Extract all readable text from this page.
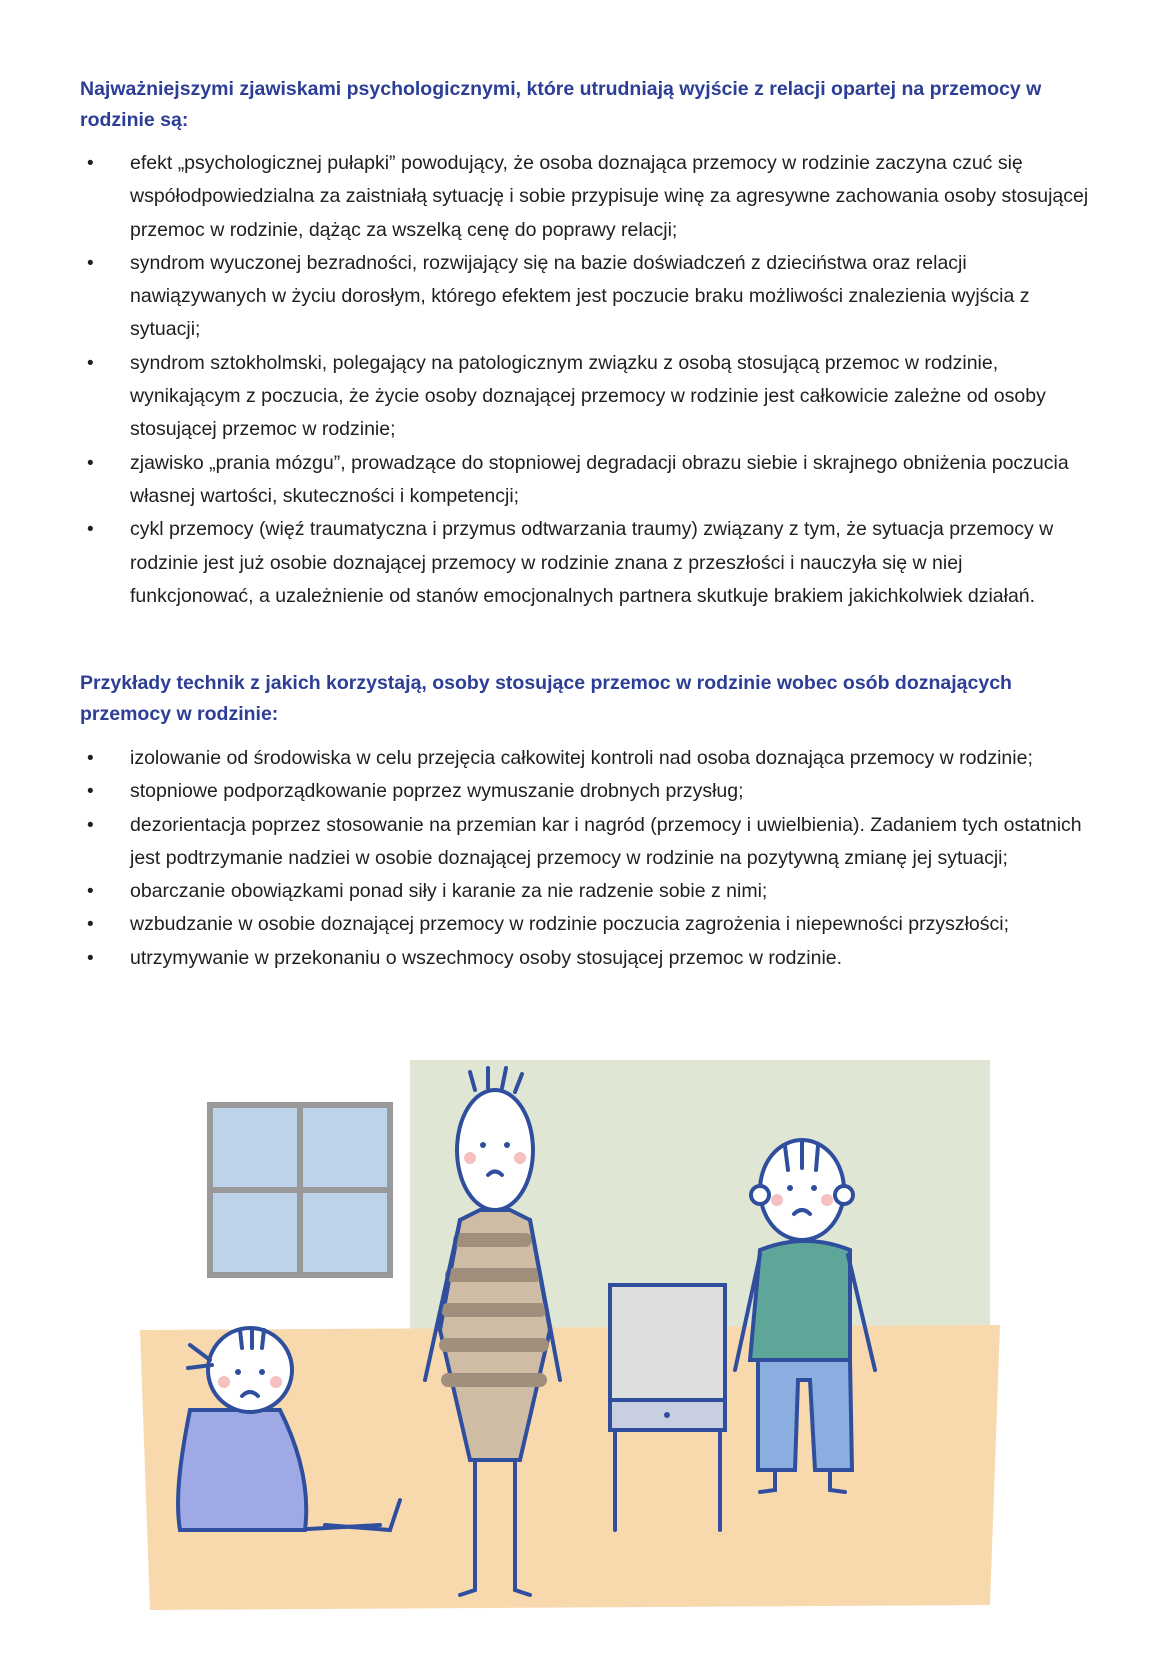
Najważniejszymi zjawiskami psychologicznymi, które utrudniają wyjście z relacji opartej na przemocy w rodzinie są:
• efekt „psychologicznej pułapki” powodujący, że osoba doznająca przemocy w rodzinie zaczyna czuć się współodpowiedzialna za zaistniałą sytuację i sobie przypisuje winę za agresywne zachowania osoby stosującej przemoc w rodzinie, dążąc za wszelką cenę do poprawy relacji;
• syndrom wyuczonej bezradności, rozwijający się na bazie doświadczeń z dzieciństwa oraz relacji nawiązywanych w życiu dorosłym, którego efektem jest poczucie braku możliwości znalezienia wyjścia z sytuacji;
• syndrom sztokholmski, polegający na patologicznym związku z osobą stosującą przemoc w rodzinie, wynikającym z poczucia, że życie osoby doznającej przemocy w rodzinie jest całkowicie zależne od osoby stosującej przemoc w rodzinie;
• zjawisko „prania mózgu”, prowadzące do stopniowej degradacji obrazu siebie i skrajnego obniżenia poczucia własnej wartości, skuteczności i kompetencji;
• cykl przemocy (więź traumatyczna i przymus odtwarzania traumy) związany z tym, że sytuacja przemocy w rodzinie jest już osobie doznającej przemocy w rodzinie znana z przeszłości i nauczyła się w niej funkcjonować, a uzależnienie od stanów emocjonalnych partnera skutkuje brakiem jakichkolwiek działań.
Przykłady technik z jakich korzystają, osoby stosujące przemoc w rodzinie wobec osób doznających przemocy w rodzinie:
• izolowanie od środowiska w celu przejęcia całkowitej kontroli nad osoba doznająca przemocy w rodzinie;
• stopniowe podporządkowanie poprzez wymuszanie drobnych przysług;
• dezorientacja poprzez stosowanie na przemian kar i nagród (przemocy i uwielbienia). Zadaniem tych ostatnich jest podtrzymanie nadziei w osobie doznającej przemocy w rodzinie na pozytywną zmianę jej sytuacji;
• obarczanie obowiązkami ponad siły i karanie za nie radzenie sobie z nimi;
• wzbudzanie w osobie doznającej przemocy w rodzinie poczucia zagrożenia i niepewności przyszłości;
• utrzymywanie w przekonaniu o wszechmocy osoby stosującej przemoc w rodzinie.
